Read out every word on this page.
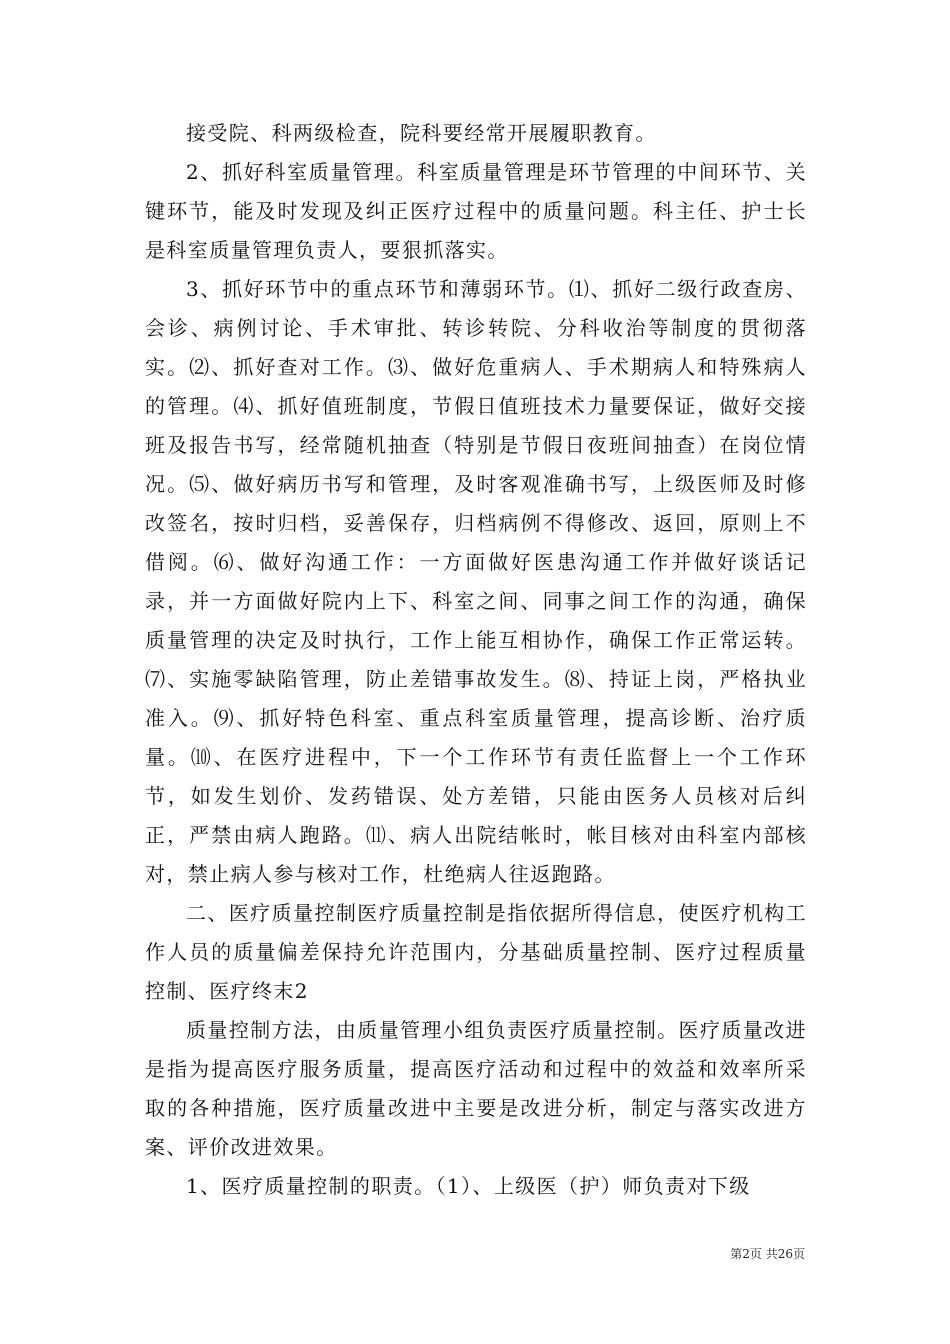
接受院、科两级检查，院科要经常开展履职教育。

2、抓好科室质量管理。科室质量管理是环节管理的中间环节、关键环节，能及时发现及纠正医疗过程中的质量问题。科主任、护士长是科室质量管理负责人，要狠抓落实。

3、抓好环节中的重点环节和薄弱环节。⑴、抓好二级行政查房、会诊、病例讨论、手术审批、转诊转院、分科收治等制度的贯彻落实。⑵、抓好查对工作。⑶、做好危重病人、手术期病人和特殊病人的管理。⑷、抓好值班制度，节假日值班技术力量要保证，做好交接班及报告书写，经常随机抽查（特别是节假日夜班间抽查）在岗位情况。⑸、做好病历书写和管理，及时客观准确书写，上级医师及时修改签名，按时归档，妥善保存，归档病例不得修改、返回，原则上不借阅。⑹、做好沟通工作：一方面做好医患沟通工作并做好谈话记录，并一方面做好院内上下、科室之间、同事之间工作的沟通，确保质量管理的决定及时执行，工作上能互相协作，确保工作正常运转。⑺、实施零缺陷管理，防止差错事故发生。⑻、持证上岗，严格执业准入。⑼、抓好特色科室、重点科室质量管理，提高诊断、治疗质量。⑽、在医疗进程中，下一个工作环节有责任监督上一个工作环节，如发生划价、发药错误、处方差错，只能由医务人员核对后纠正，严禁由病人跑路。⑾、病人出院结帐时，帐目核对由科室内部核对，禁止病人参与核对工作，杜绝病人往返跑路。

二、医疗质量控制医疗质量控制是指依据所得信息，使医疗机构工作人员的质量偏差保持允许范围内，分基础质量控制、医疗过程质量控制、医疗终末2

质量控制方法，由质量管理小组负责医疗质量控制。医疗质量改进是指为提高医疗服务质量，提高医疗活动和过程中的效益和效率所采取的各种措施，医疗质量改进中主要是改进分析，制定与落实改进方案、评价改进效果。

1、医疗质量控制的职责。（1）、上级医（护）师负责对下级

第2页 共26页
